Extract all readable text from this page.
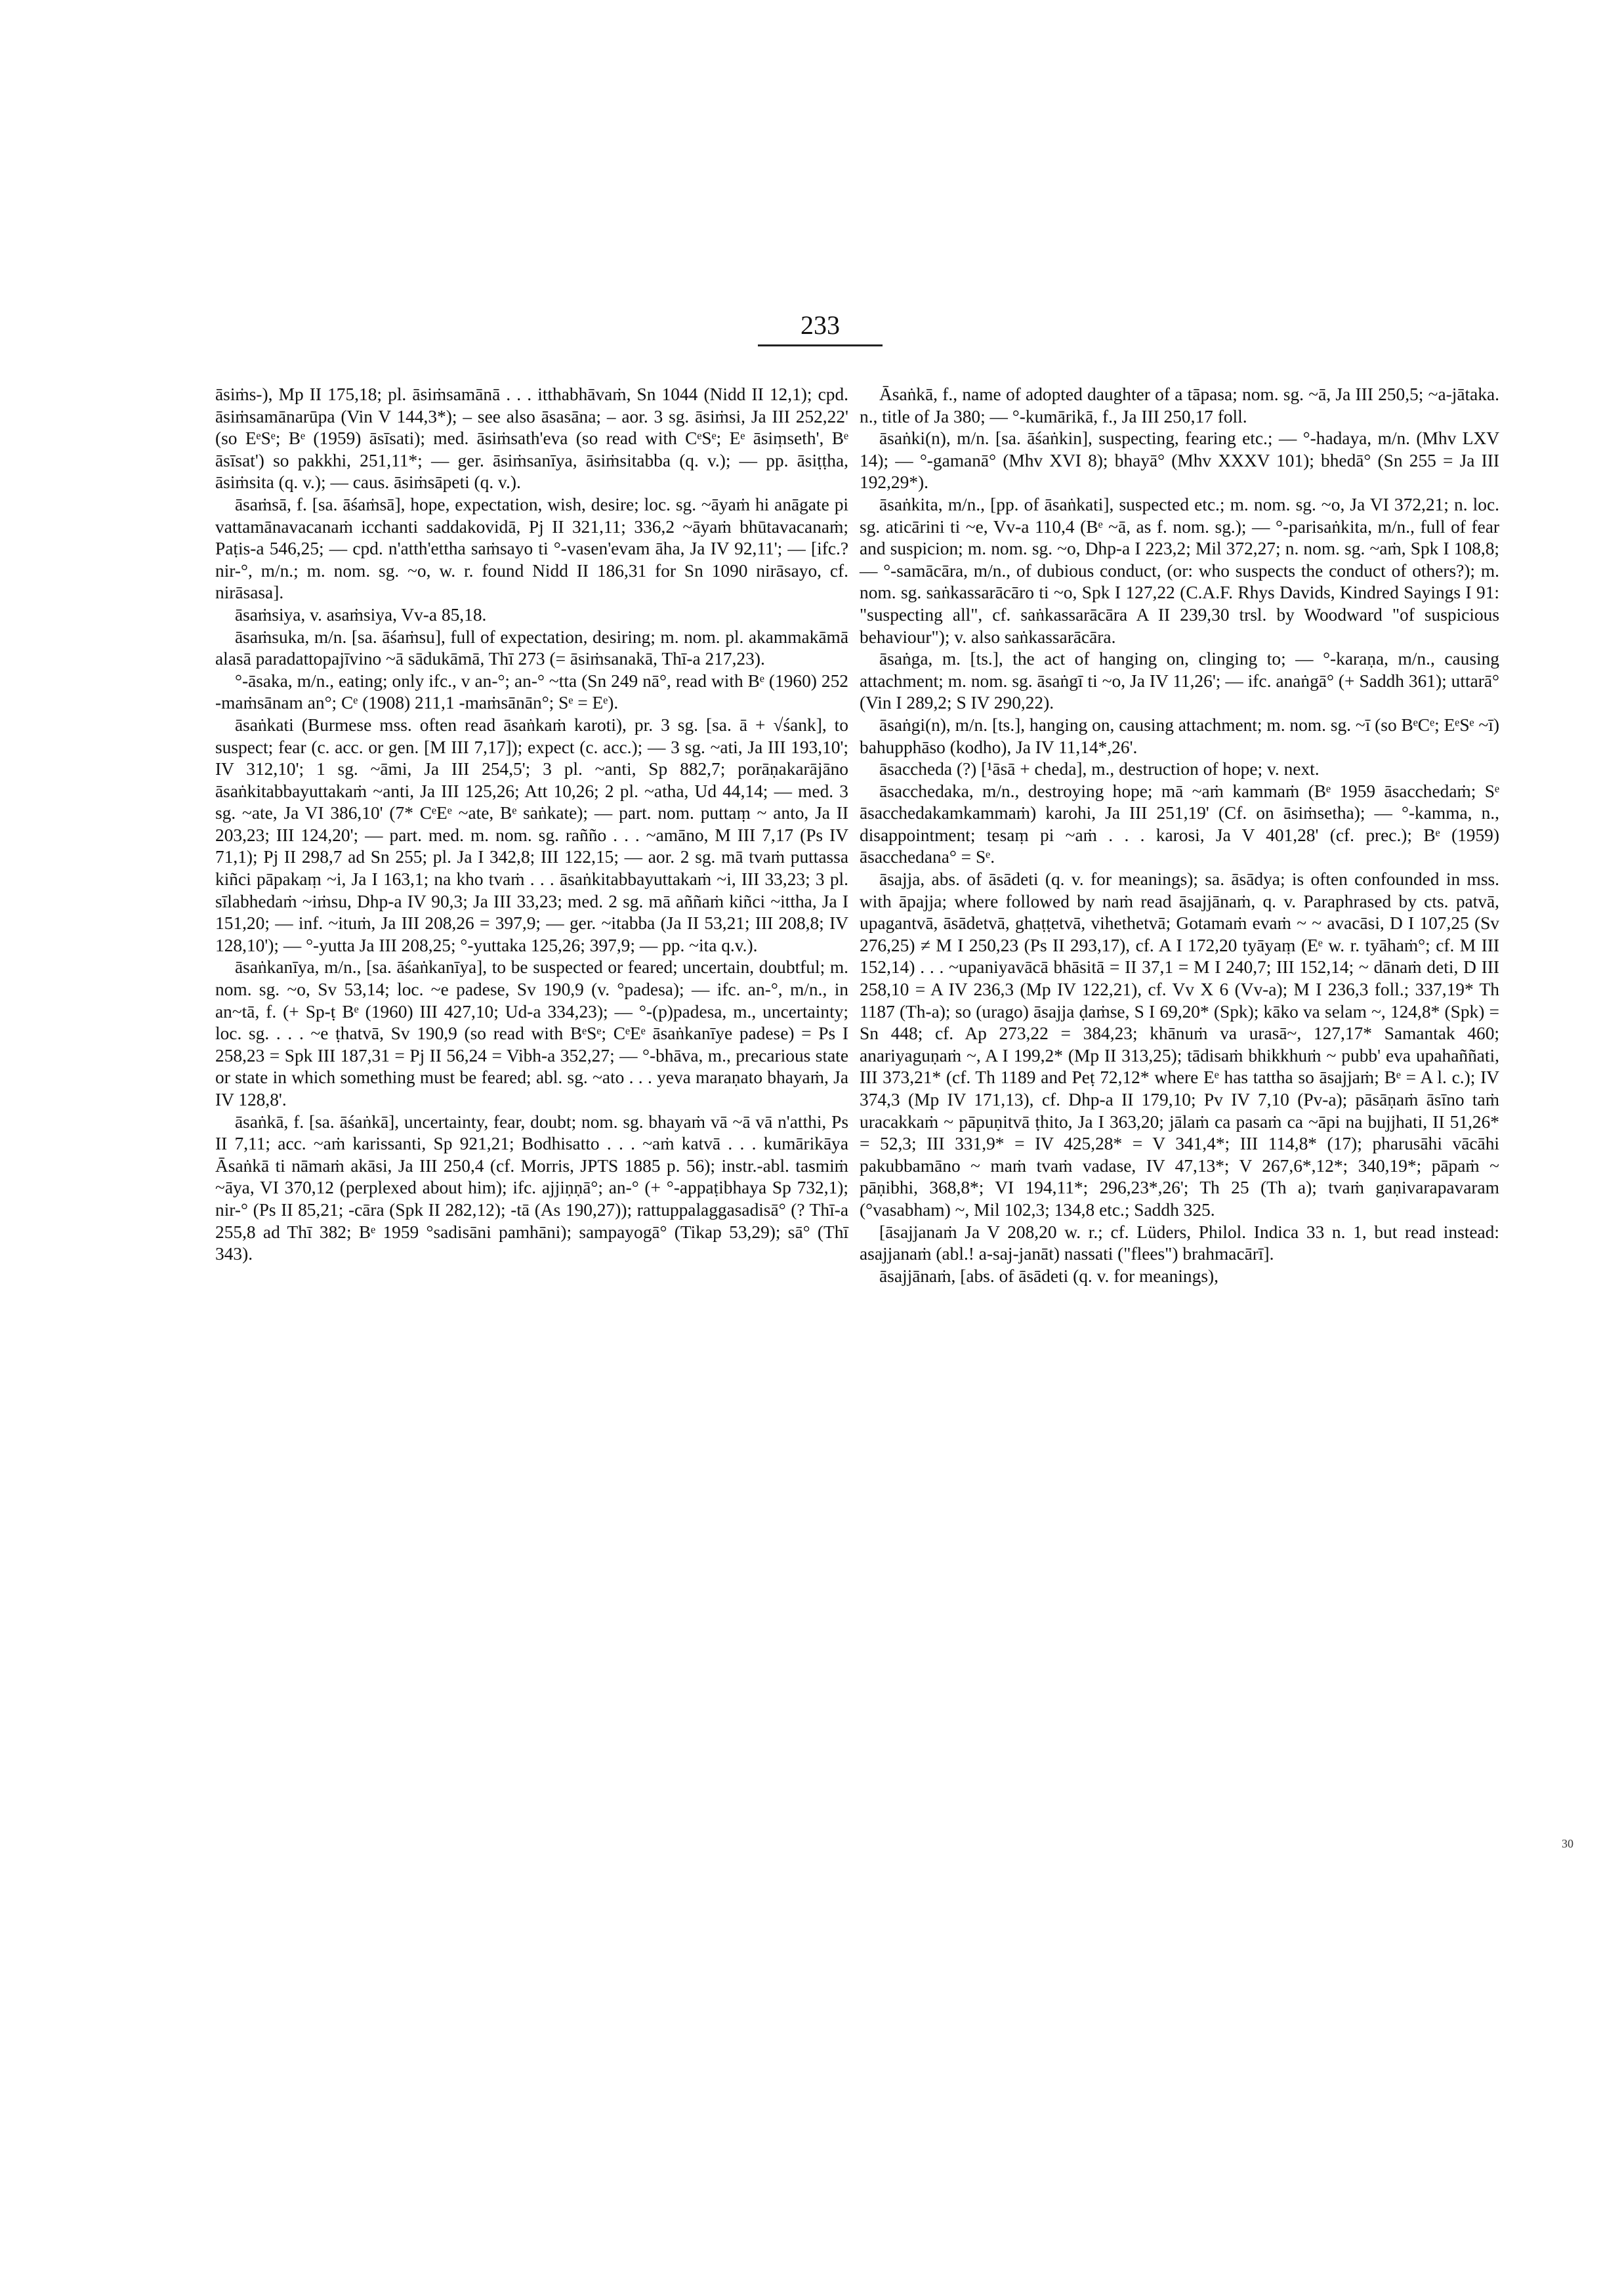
233

āsiṁs-), Mp II 175,18; pl. āsiṁsamānā . . . itthabhāvaṁ, Sn 1044 (Nidd II 12,1); cpd. āsiṁsamānarūpa (Vin V 144,3*); – see also āsasāna; – aor. 3 sg. āsiṁsi, Ja III 252,22' (so EᵉSᵉ; Bᵉ (1959) āsīsati); med. āsiṁsath'eva (so read with CᵉSᵉ; Eᵉ āsiṃseth', Bᵉ āsīsat') so pakkhi, 251,11*; — ger. āsiṁsanīya, āsiṁsitabba (q. v.); — pp. āsiṭṭha, āsiṁsita (q. v.); — caus. āsiṁsāpeti (q. v.).

āsaṁsā, f. [sa. āśaṁsā], hope, expectation, wish, desire; loc. sg. ~āyaṁ hi anāgate pi vattamānavacanaṁ icchanti saddakovidā, Pj II 321,11; 336,2 ~āyaṁ bhūtavacanaṁ; Paṭis-a 546,25; — cpd. n'atth'ettha saṁsayo ti °-vasen'evam āha, Ja IV 92,11'; — [ifc.? nir-°, m/n.; m. nom. sg. ~o, w. r. found Nidd II 186,31 for Sn 1090 nirāsayo, cf. nirāsasa].

āsaṁsiya, v. asaṁsiya, Vv-a 85,18.

āsaṁsuka, m/n. [sa. āśaṁsu], full of expectation, desiring; m. nom. pl. akammakāmā alasā paradattopajīvino ~ā sādukāmā, Thī 273 (= āsiṁsanakā, Thī-a 217,23).

°-āsaka, m/n., eating; only ifc., v an-°; an-° ~tta (Sn 249 nā°, read with Bᵉ (1960) 252 -maṁsānam an°; Cᵉ (1908) 211,1 -maṁsānān°; Sᵉ = Eᵉ).

āsaṅkati (Burmese mss. often read āsaṅkaṁ karoti), pr. 3 sg. [sa. ā + √śank], to suspect; fear (c. acc. or gen. [M III 7,17]); expect (c. acc.); — 3 sg. ~ati, Ja III 193,10'; IV 312,10'; 1 sg. ~āmi, Ja III 254,5'; 3 pl. ~anti, Sp 882,7; porāṇakarājāno āsaṅkitabbayuttakaṁ ~anti, Ja III 125,26; Att 10,26; 2 pl. ~atha, Ud 44,14; — med. 3 sg. ~ate, Ja VI 386,10' (7* CᵉEᵉ ~ate, Bᵉ saṅkate); — part. nom. puttaṃ ~ anto, Ja II 203,23; III 124,20'; — part. med. m. nom. sg. rañño . . . ~amāno, M III 7,17 (Ps IV 71,1); Pj II 298,7 ad Sn 255; pl. Ja I 342,8; III 122,15; — aor. 2 sg. mā tvaṁ puttassa kiñci pāpakaṃ ~i, Ja I 163,1; na kho tvaṁ . . . āsaṅkitabbayuttakaṁ ~i, III 33,23; 3 pl. sīlabhedaṁ ~iṁsu, Dhp-a IV 90,3; Ja III 33,23; med. 2 sg. mā aññaṁ kiñci ~ittha, Ja I 151,20; — inf. ~ituṁ, Ja III 208,26 = 397,9; — ger. ~itabba (Ja II 53,21; III 208,8; IV 128,10'); — °-yutta Ja III 208,25; °-yuttaka 125,26; 397,9; — pp. ~ita q.v.).

āsaṅkanīya, m/n., [sa. āśaṅkanīya], to be suspected or feared; uncertain, doubtful; m. nom. sg. ~o, Sv 53,14; loc. ~e padese, Sv 190,9 (v. °padesa); — ifc. an-°, m/n., in an~tā, f. (+ Sp-ṭ Bᵉ (1960) III 427,10; Ud-a 334,23); — °-(p)padesa, m., uncertainty; loc. sg. . . . ~e ṭhatvā, Sv 190,9 (so read with BᵉSᵉ; CᵉEᵉ āsaṅkanīye padese) = Ps I 258,23 = Spk III 187,31 = Pj II 56,24 = Vibh-a 352,27; — °-bhāva, m., precarious state or state in which something must be feared; abl. sg. ~ato . . . yeva maraṇato bhayaṁ, Ja IV 128,8'.

āsaṅkā, f. [sa. āśaṅkā], uncertainty, fear, doubt; nom. sg. bhayaṁ vā ~ā vā n'atthi, Ps II 7,11; acc. ~aṁ karissanti, Sp 921,21; Bodhisatto . . . ~aṁ katvā . . . kumārikāya Āsaṅkā ti nāmaṁ akāsi, Ja III 250,4 (cf. Morris, JPTS 1885 p. 56); instr.-abl. tasmiṁ ~āya, VI 370,12 (perplexed about him); ifc. ajjiṇṇā°; an-° (+ °-appaṭibhaya Sp 732,1); nir-° (Ps II 85,21; -cāra (Spk II 282,12); -tā (As 190,27)); rattuppalaggasadisā° (? Thī-a 255,8 ad Thī 382; Bᵉ 1959 °sadisāni pamhāni); sampayogā° (Tikap 53,29); sā° (Thī 343).

Āsaṅkā, f., name of adopted daughter of a tāpasa; nom. sg. ~ā, Ja III 250,5; ~a-jātaka. n., title of Ja 380; — °-kumārikā, f., Ja III 250,17 foll.

āsaṅki(n), m/n. [sa. āśaṅkin], suspecting, fearing etc.; — °-hadaya, m/n. (Mhv LXV 14); — °-gamanā° (Mhv XVI 8); bhayā° (Mhv XXXV 101); bhedā° (Sn 255 = Ja III 192,29*).

āsaṅkita, m/n., [pp. of āsaṅkati], suspected etc.; m. nom. sg. ~o, Ja VI 372,21; n. loc. sg. aticārini ti ~e, Vv-a 110,4 (Bᵉ ~ā, as f. nom. sg.); — °-parisaṅkita, m/n., full of fear and suspicion; m. nom. sg. ~o, Dhp-a I 223,2; Mil 372,27; n. nom. sg. ~aṁ, Spk I 108,8; — °-samācāra, m/n., of dubious conduct, (or: who suspects the conduct of others?); m. nom. sg. saṅkassarācāro ti ~o, Spk I 127,22 (C.A.F. Rhys Davids, Kindred Sayings I 91: "suspecting all", cf. saṅkassarācāra A II 239,30 trsl. by Woodward "of suspicious behaviour"); v. also saṅkassarācāra.

āsaṅga, m. [ts.], the act of hanging on, clinging to; — °-karaṇa, m/n., causing attachment; m. nom. sg. āsaṅgī ti ~o, Ja IV 11,26'; — ifc. anaṅgā° (+ Saddh 361); uttarā° (Vin I 289,2; S IV 290,22).

āsaṅgi(n), m/n. [ts.], hanging on, causing attachment; m. nom. sg. ~ī (so BᵉCᵉ; EᵉSᵉ ~ī) bahupphāso (kodho), Ja IV 11,14*,26'.

āsaccheda (?) [¹āsā + cheda], m., destruction of hope; v. next.

āsacchedaka, m/n., destroying hope; mā ~aṁ kammaṁ (Bᵉ 1959 āsacchedaṁ; Sᵉ āsacchedakamkammaṁ) karohi, Ja III 251,19' (Cf. on āsiṁsetha); — °-kamma, n., disappointment; tesaṃ pi ~aṁ . . . karosi, Ja V 401,28' (cf. prec.); Bᵉ (1959) āsacchedana° = Sᵉ.

āsajja, abs. of āsādeti (q. v. for meanings); sa. āsādya; is often confounded in mss. with āpajja; where followed by naṁ read āsajjānaṁ, q. v. Paraphrased by cts. patvā, upagantvā, āsādetvā, ghaṭṭetvā, vihethetvā; Gotamaṁ evaṁ ~ ~ avacāsi, D I 107,25 (Sv 276,25) ≠ M I 250,23 (Ps II 293,17), cf. A I 172,20 tyāyaṃ (Eᵉ w. r. tyāhaṁ°; cf. M III 152,14) . . . ~upaniyavācā bhāsitā = II 37,1 = M I 240,7; III 152,14; ~ dānaṁ deti, D III 258,10 = A IV 236,3 (Mp IV 122,21), cf. Vv X 6 (Vv-a); M I 236,3 foll.; 337,19* Th 1187 (Th-a); so (urago) āsajja ḍaṁse, S I 69,20* (Spk); kāko va selam ~, 124,8* (Spk) = Sn 448; cf. Ap 273,22 = 384,23; khānuṁ va urasā~, 127,17* Samantak 460; anariyaguṇaṁ ~, A I 199,2* (Mp II 313,25); tādisaṁ bhikkhuṁ ~ pubb' eva upahaññati, III 373,21* (cf. Th 1189 and Peṭ 72,12* where Eᵉ has tattha so āsajjaṁ; Bᵉ = A l. c.); IV 374,3 (Mp IV 171,13), cf. Dhp-a II 179,10; Pv IV 7,10 (Pv-a); pāsāṇaṁ āsīno taṁ uracakkaṁ ~ pāpuṇitvā ṭhito, Ja I 363,20; jālaṁ ca pasaṁ ca ~āpi na bujjhati, II 51,26* = 52,3; III 331,9* = IV 425,28* = V 341,4*; III 114,8* (17); pharusāhi vācāhi pakubbamāno ~ maṁ tvaṁ vadase, IV 47,13*; V 267,6*,12*; 340,19*; pāpaṁ ~ pāṇibhi, 368,8*; VI 194,11*; 296,23*,26'; Th 25 (Th a); tvaṁ gaṇivarapavaram (°vasabham) ~, Mil 102,3; 134,8 etc.; Saddh 325.

[āsajjanaṁ Ja V 208,20 w. r.; cf. Lüders, Philol. Indica 33 n. 1, but read instead: asajjanaṁ (abl.! a-saj-janāt) nassati ("flees") brahmacārī].

āsajjānaṁ, [abs. of āsādeti (q. v. for meanings),

30
